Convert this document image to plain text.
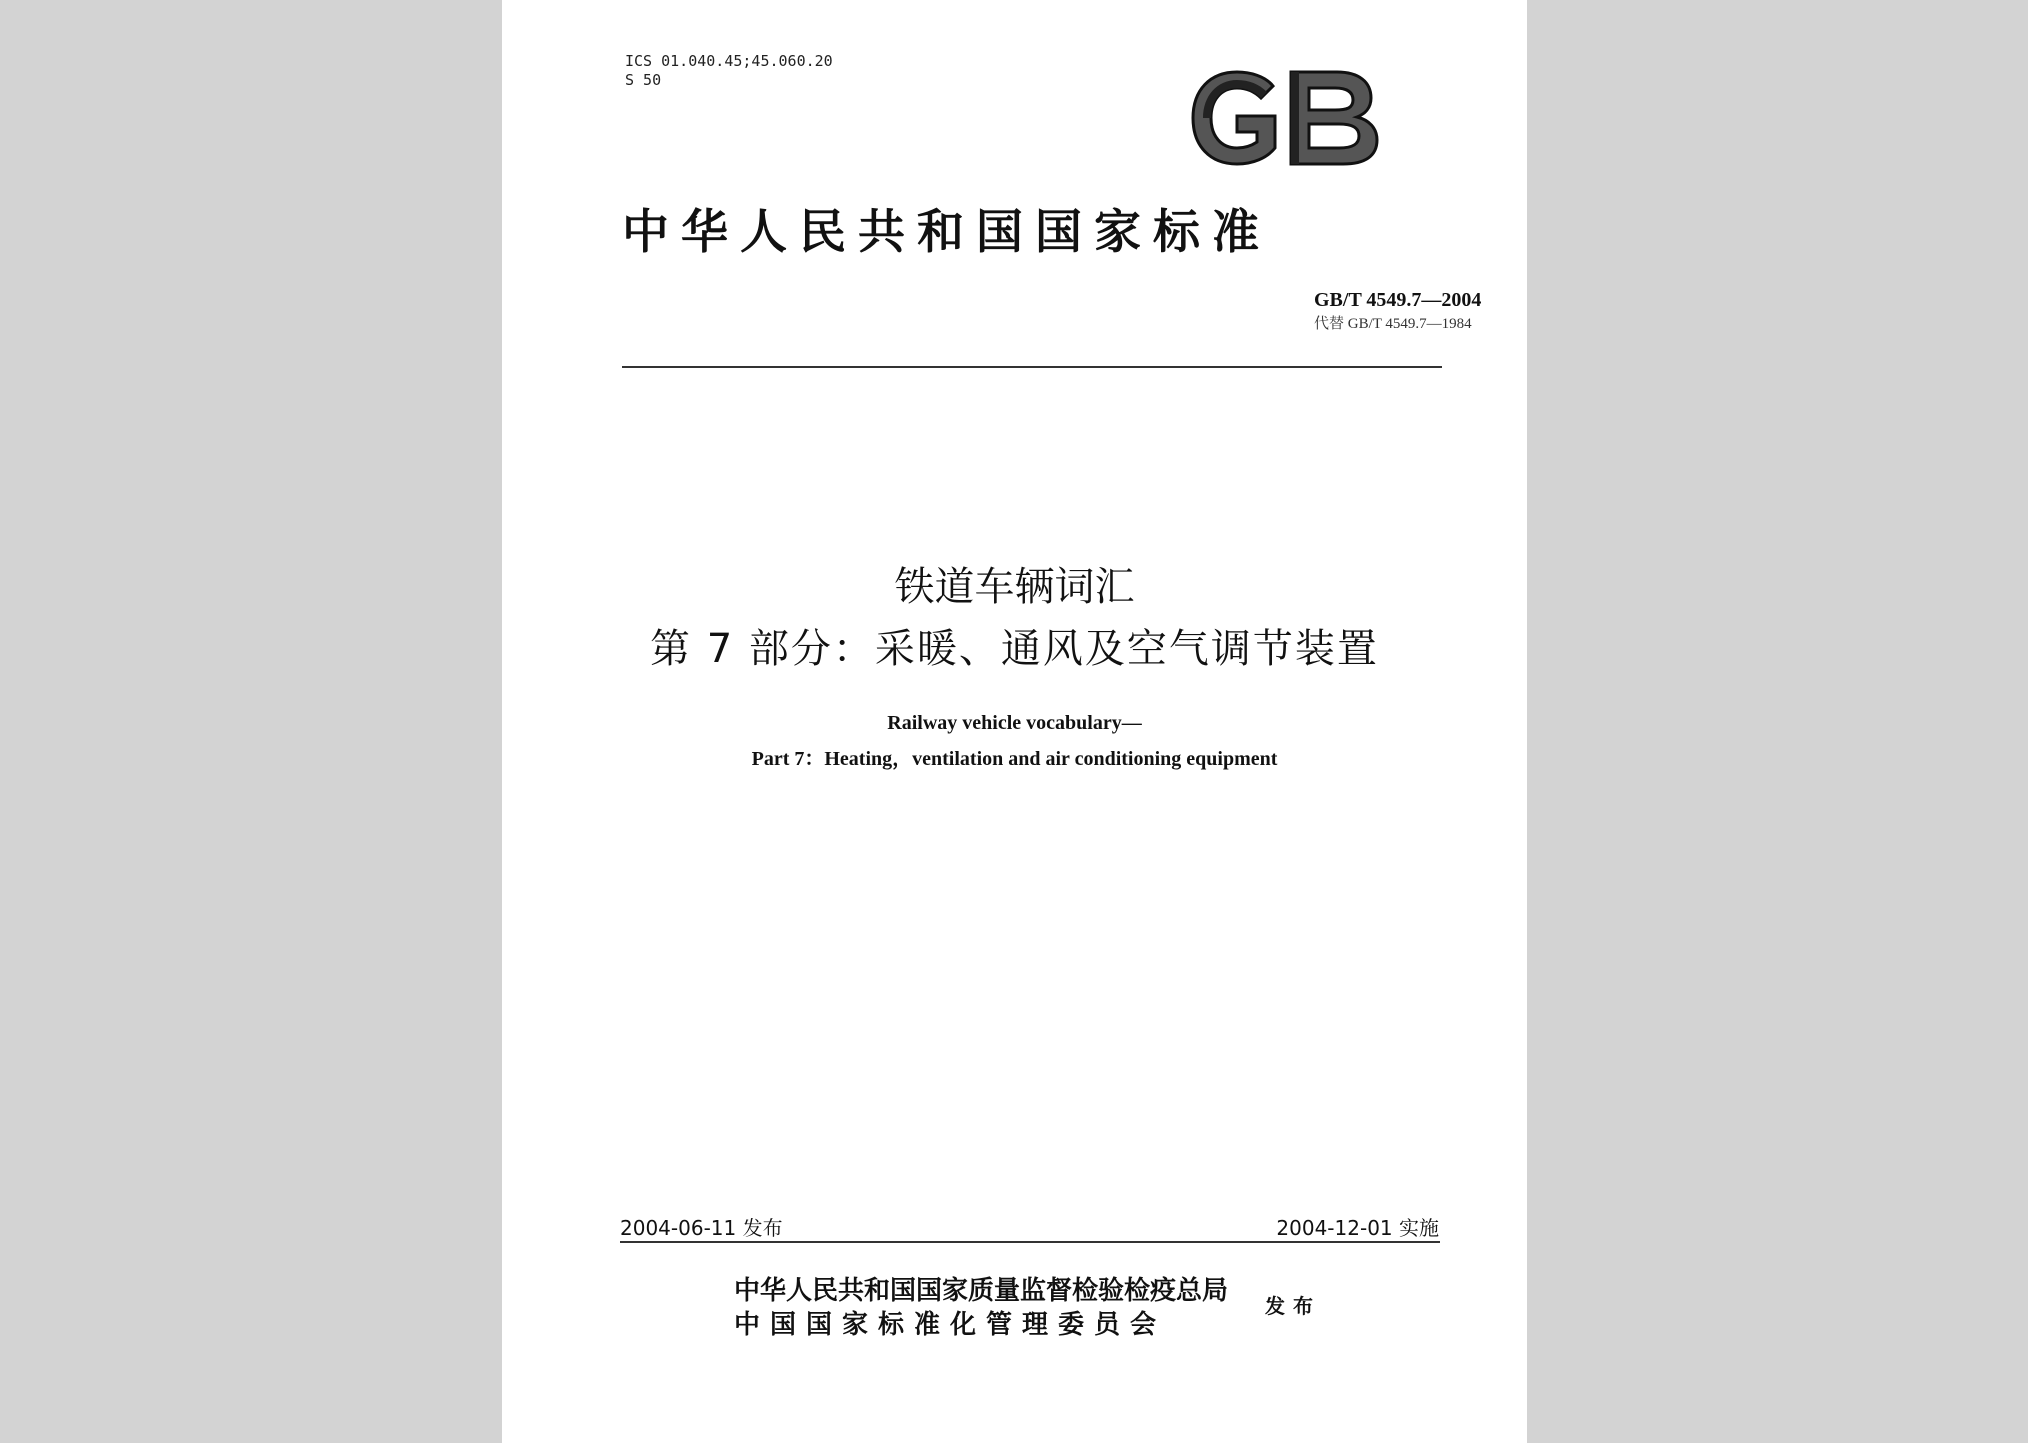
ICS 01.040.45;45.060.20
S 50
中华人民共和国国家标准
GB/T 4549.7—2004
代替 GB/T 4549.7—1984
铁道车辆词汇
第 7 部分：采暖、通风及空气调节装置
Railway vehicle vocabulary—
Part 7：Heating，ventilation and air conditioning equipment
2004-06-11 发布	2004-12-01 实施
中华人民共和国国家质量监督检验检疫总局
中国国家标准化管理委员会
发布
